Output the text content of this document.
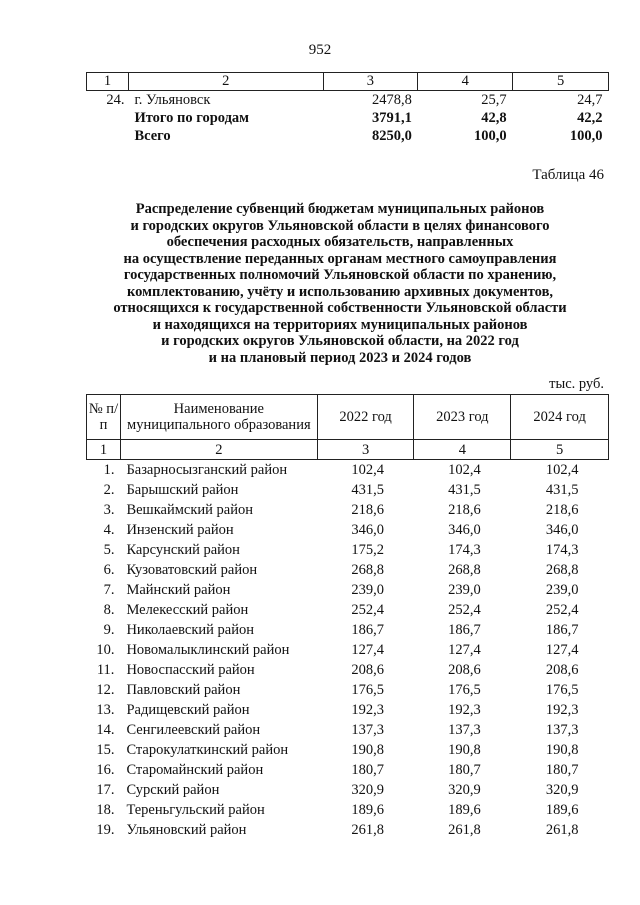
952
1	2	3	4	5
24.	г. Ульяновск	2478,8	25,7	24,7
	Итого по городам	3791,1	42,8	42,2
	Всего	8250,0	100,0	100,0
Таблица 46
Распределение субвенций бюджетам муниципальных районов
и городских округов Ульяновской области в целях финансового
обеспечения расходных обязательств, направленных
на осуществление переданных органам местного самоуправления
государственных полномочий Ульяновской области по хранению,
комплектованию, учёту и использованию архивных документов,
относящихся к государственной собственности Ульяновской области
и находящихся на территориях муниципальных районов
и городских округов Ульяновской области, на 2022 год
и на плановый период 2023 и 2024 годов
тыс. руб.
№ п/п	Наименование муниципального образования	2022 год	2023 год	2024 год
1	2	3	4	5
1.	Базарносызганский район	102,4	102,4	102,4
2.	Барышский район	431,5	431,5	431,5
3.	Вешкаймский район	218,6	218,6	218,6
4.	Инзенский район	346,0	346,0	346,0
5.	Карсунский район	175,2	174,3	174,3
6.	Кузоватовский район	268,8	268,8	268,8
7.	Майнский район	239,0	239,0	239,0
8.	Мелекесский район	252,4	252,4	252,4
9.	Николаевский район	186,7	186,7	186,7
10.	Новомалыклинский район	127,4	127,4	127,4
11.	Новоспасский район	208,6	208,6	208,6
12.	Павловский район	176,5	176,5	176,5
13.	Радищевский район	192,3	192,3	192,3
14.	Сенгилеевский район	137,3	137,3	137,3
15.	Старокулаткинский район	190,8	190,8	190,8
16.	Старомайнский район	180,7	180,7	180,7
17.	Сурский район	320,9	320,9	320,9
18.	Тереньгульский район	189,6	189,6	189,6
19.	Ульяновский район	261,8	261,8	261,8
